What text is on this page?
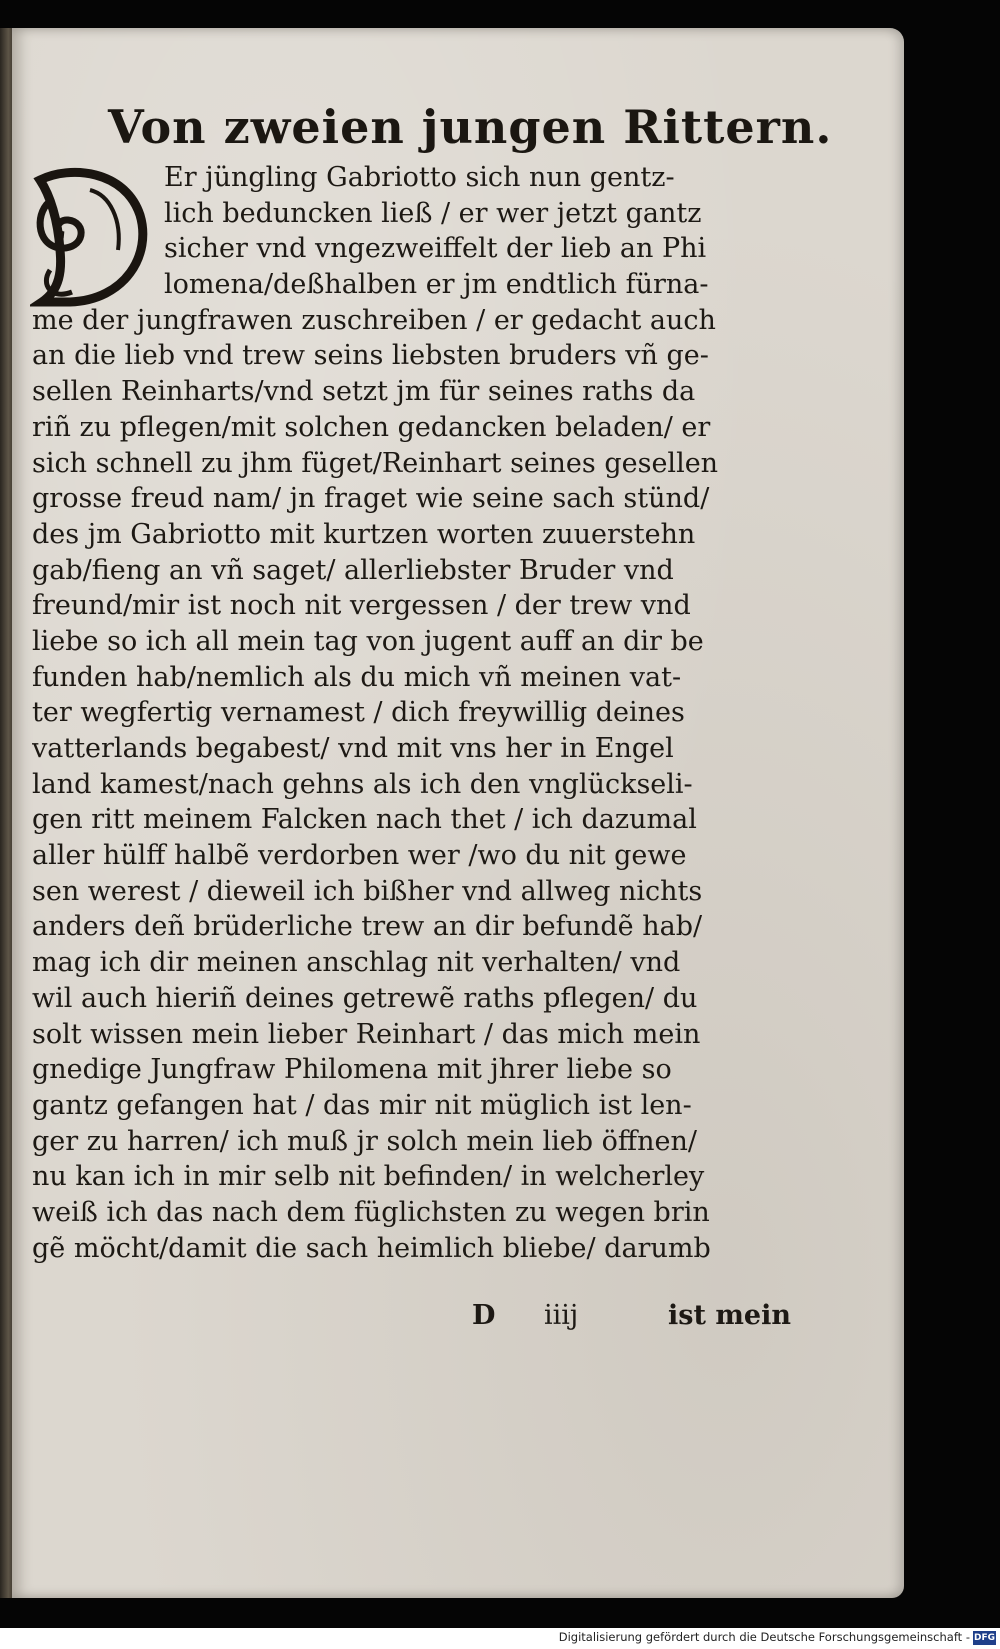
Von zweien jungen Rittern.
D
Er jüngling Gabriotto sich nun gentz-
lich beduncken ließ / er wer jetzt gantz
sicher vnd vngezweiffelt der lieb an Phi
lomena/deßhalben er jm endtlich fürna-
me der jungfrawen zuschreiben / er gedacht auch
an die lieb vnd trew seins liebsten bruders vñ ge-
sellen Reinharts/vnd setzt jm für seines raths da
riñ zu pflegen/mit solchen gedancken beladen/ er
sich schnell zu jhm füget/Reinhart seines gesellen
grosse freud nam/ jn fraget wie seine sach stünd/
des jm Gabriotto mit kurtzen worten zuuerstehn
gab/fieng an vñ saget/ allerliebster Bruder vnd
freund/mir ist noch nit vergessen / der trew vnd
liebe so ich all mein tag von jugent auff an dir be
funden hab/nemlich als du mich vñ meinen vat-
ter wegfertig vernamest / dich freywillig deines
vatterlands begabest/ vnd mit vns her in Engel
land kamest/nach gehns als ich den vnglückseli-
gen ritt meinem Falcken nach thet / ich dazumal
aller hülff halbẽ verdorben wer /wo du nit gewe
sen werest / dieweil ich bißher vnd allweg nichts
anders deñ brüderliche trew an dir befundẽ hab/
mag ich dir meinen anschlag nit verhalten/ vnd
wil auch hieriñ deines getrewẽ raths pflegen/ du
solt wissen mein lieber Reinhart / das mich mein
gnedige Jungfraw Philomena mit jhrer liebe so
gantz gefangen hat / das mir nit müglich ist len-
ger zu harren/ ich muß jr solch mein lieb öffnen/
nu kan ich in mir selb nit befinden/ in welcherley
weiß ich das nach dem füglichsten zu wegen brin
gẽ möcht/damit die sach heimlich bliebe/ darumb
D iiij	ist mein
Digitalisierung gefördert durch die Deutsche Forschungsgemeinschaft - DFG
